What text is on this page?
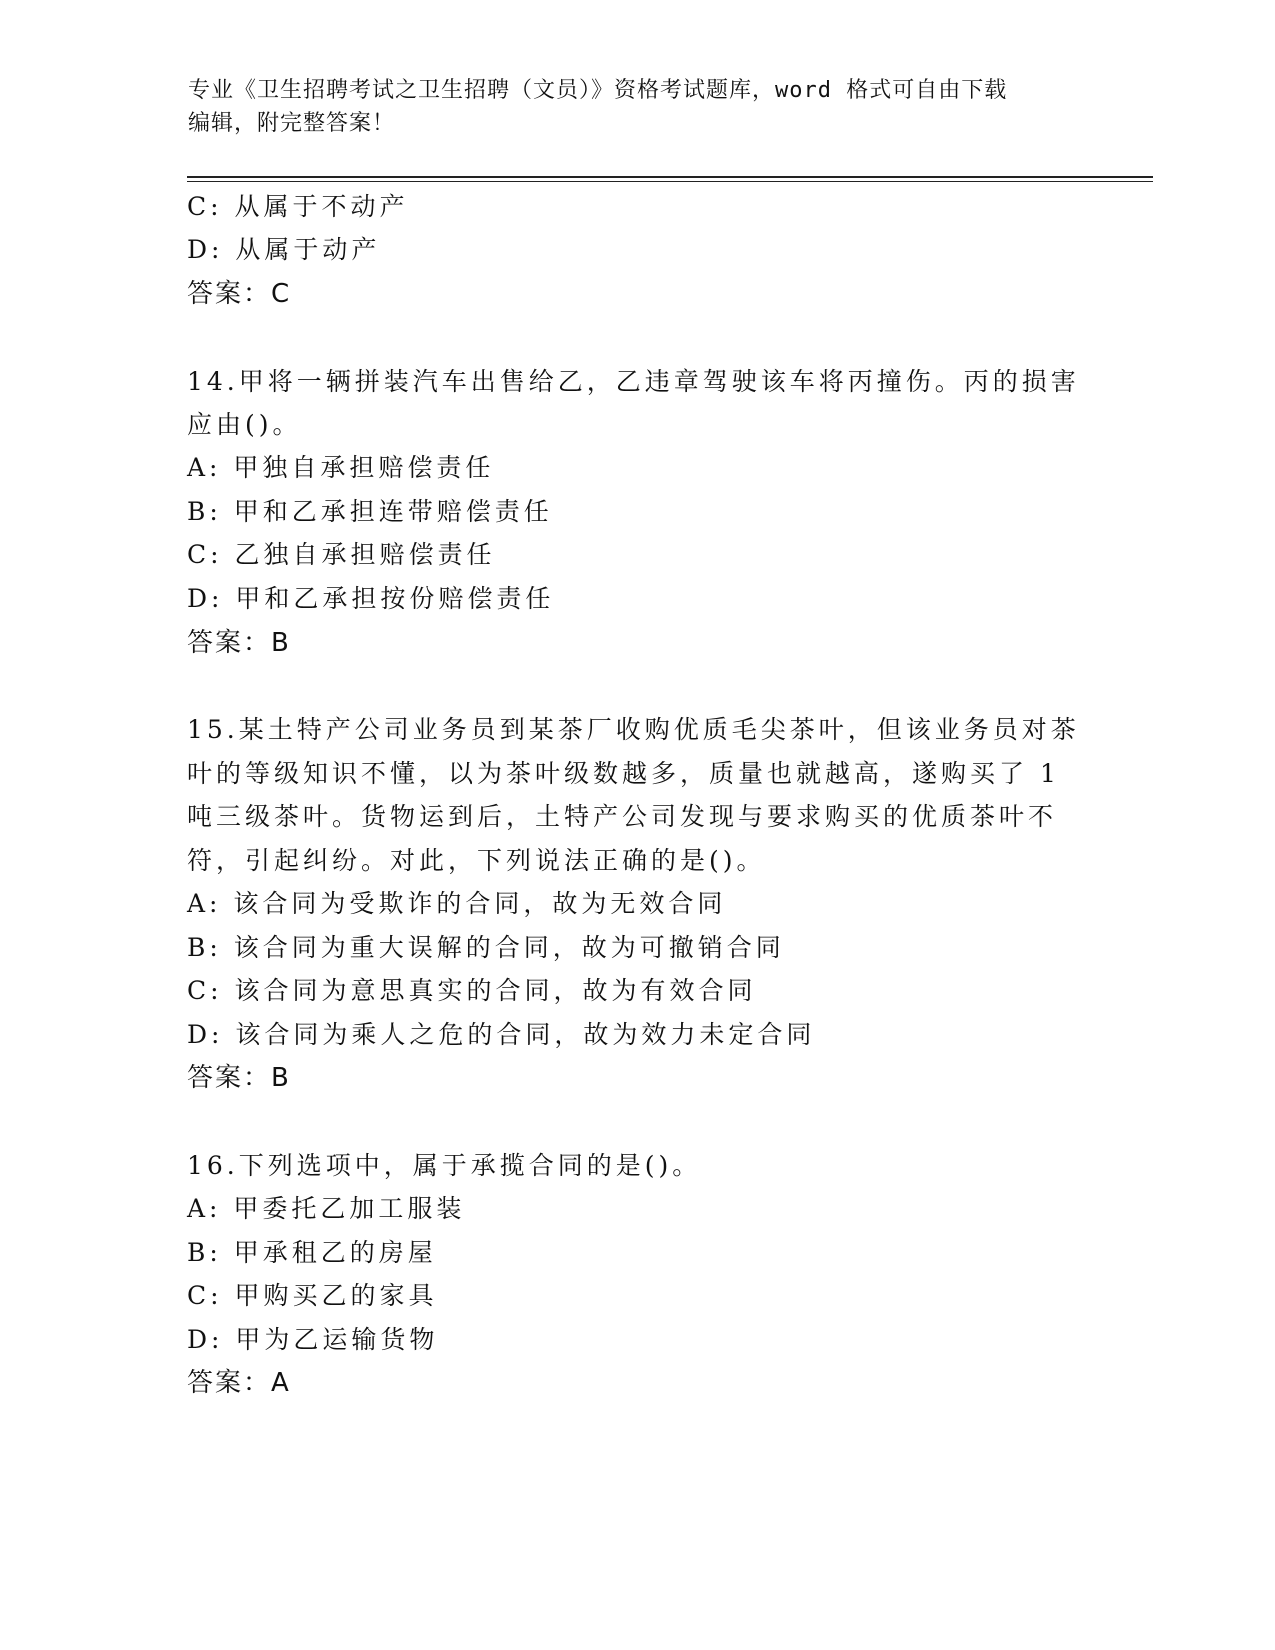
专业《卫生招聘考试之卫生招聘（文员）》资格考试题库，word 格式可自由下载
编辑，附完整答案！
C: 从属于不动产
D: 从属于动产
答案：C
14.甲将一辆拼装汽车出售给乙，乙违章驾驶该车将丙撞伤。丙的损害
应由()。
A: 甲独自承担赔偿责任
B: 甲和乙承担连带赔偿责任
C: 乙独自承担赔偿责任
D: 甲和乙承担按份赔偿责任
答案：B
15.某土特产公司业务员到某茶厂收购优质毛尖茶叶，但该业务员对茶
叶的等级知识不懂，以为茶叶级数越多，质量也就越高，遂购买了 1
吨三级茶叶。货物运到后，土特产公司发现与要求购买的优质茶叶不
符，引起纠纷。对此，下列说法正确的是()。
A: 该合同为受欺诈的合同，故为无效合同
B: 该合同为重大误解的合同，故为可撤销合同
C: 该合同为意思真实的合同，故为有效合同
D: 该合同为乘人之危的合同，故为效力未定合同
答案：B
16.下列选项中，属于承揽合同的是()。
A: 甲委托乙加工服装
B: 甲承租乙的房屋
C: 甲购买乙的家具
D: 甲为乙运输货物
答案：A
